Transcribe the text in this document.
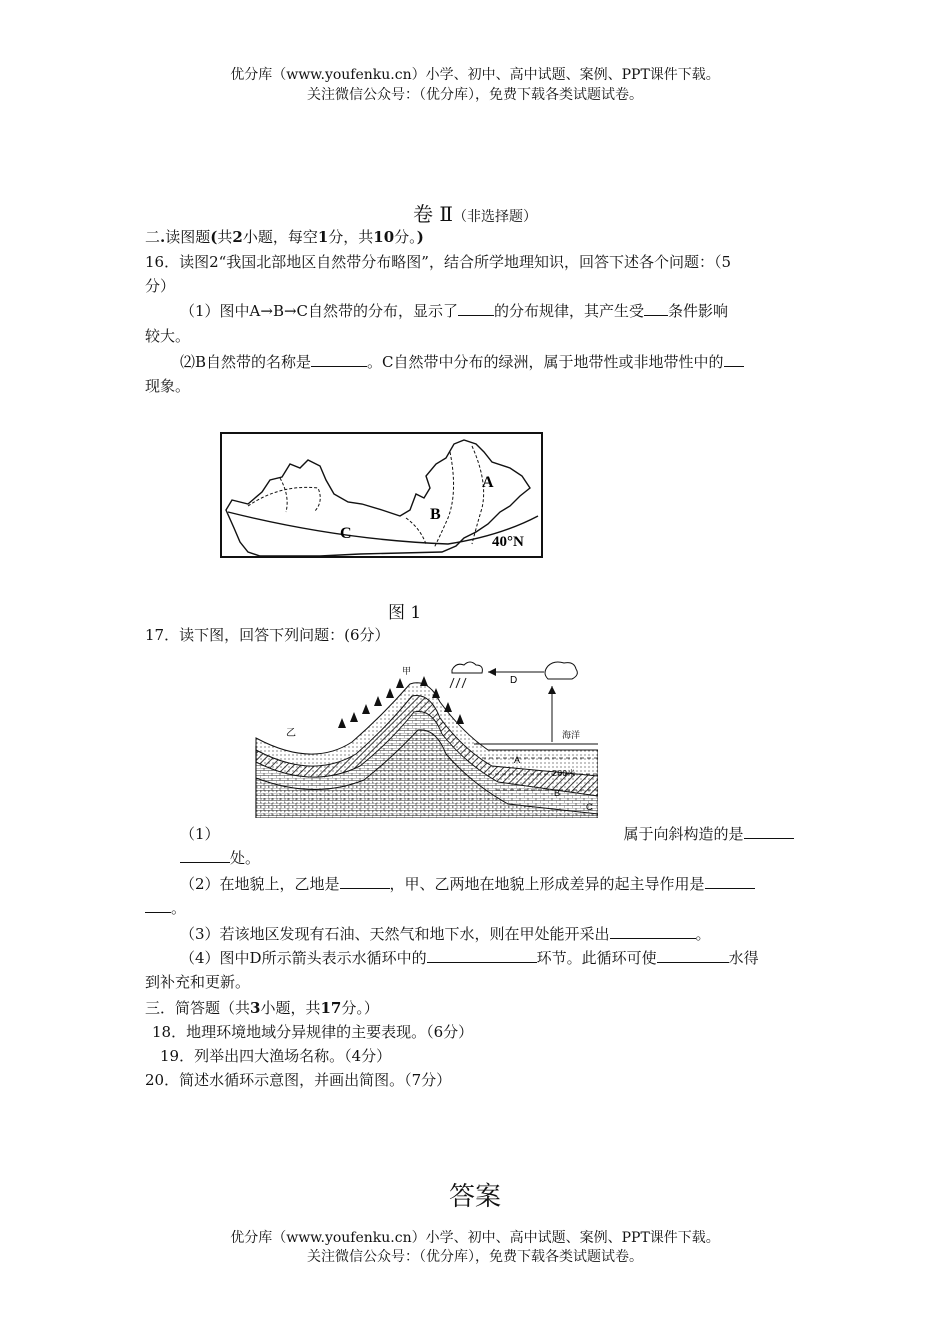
优分库（www.youfenku.cn）小学、初中、高中试题、案例、PPT课件下载。
关注微信公众号：（优分库），免费下载各类试题试卷。
卷 Ⅱ（非选择题）
二.读图题(共2小题，每空1分，共10分。)
16．读图2“我国北部地区自然带分布略图”，结合所学地理知识，回答下述各个问题：（5
分）
（1）图中A→B→C自然带的分布，显示了 的分布规律，其产生受 条件影响
较大。
⑵B自然带的名称是	。C自然带中分布的绿洲，属于地带性或非地带性中的
现象。
A
B
C	40°N
图 1
17．读下图，回答下列问题：(6分）
D
甲
乙	海洋
A
200米
B
C
（1）	属于向斜构造的是
处。
（2）在地貌上，乙地是	，甲、乙两地在地貌上形成差异的起主导作用是
。
（3）若该地区发现有石油、天然气和地下水，则在甲处能开采出	。
（4）图中D所示箭头表示水循环中的	环节。此循环可使	水得
到补充和更新。
三．简答题（共3小题，共17分。）
18．地理环境地域分异规律的主要表现。（6分）
19．列举出四大渔场名称。（4分）
20．简述水循环示意图，并画出简图。（7分）
答案
优分库（www.youfenku.cn）小学、初中、高中试题、案例、PPT课件下载。
关注微信公众号：（优分库），免费下载各类试题试卷。
